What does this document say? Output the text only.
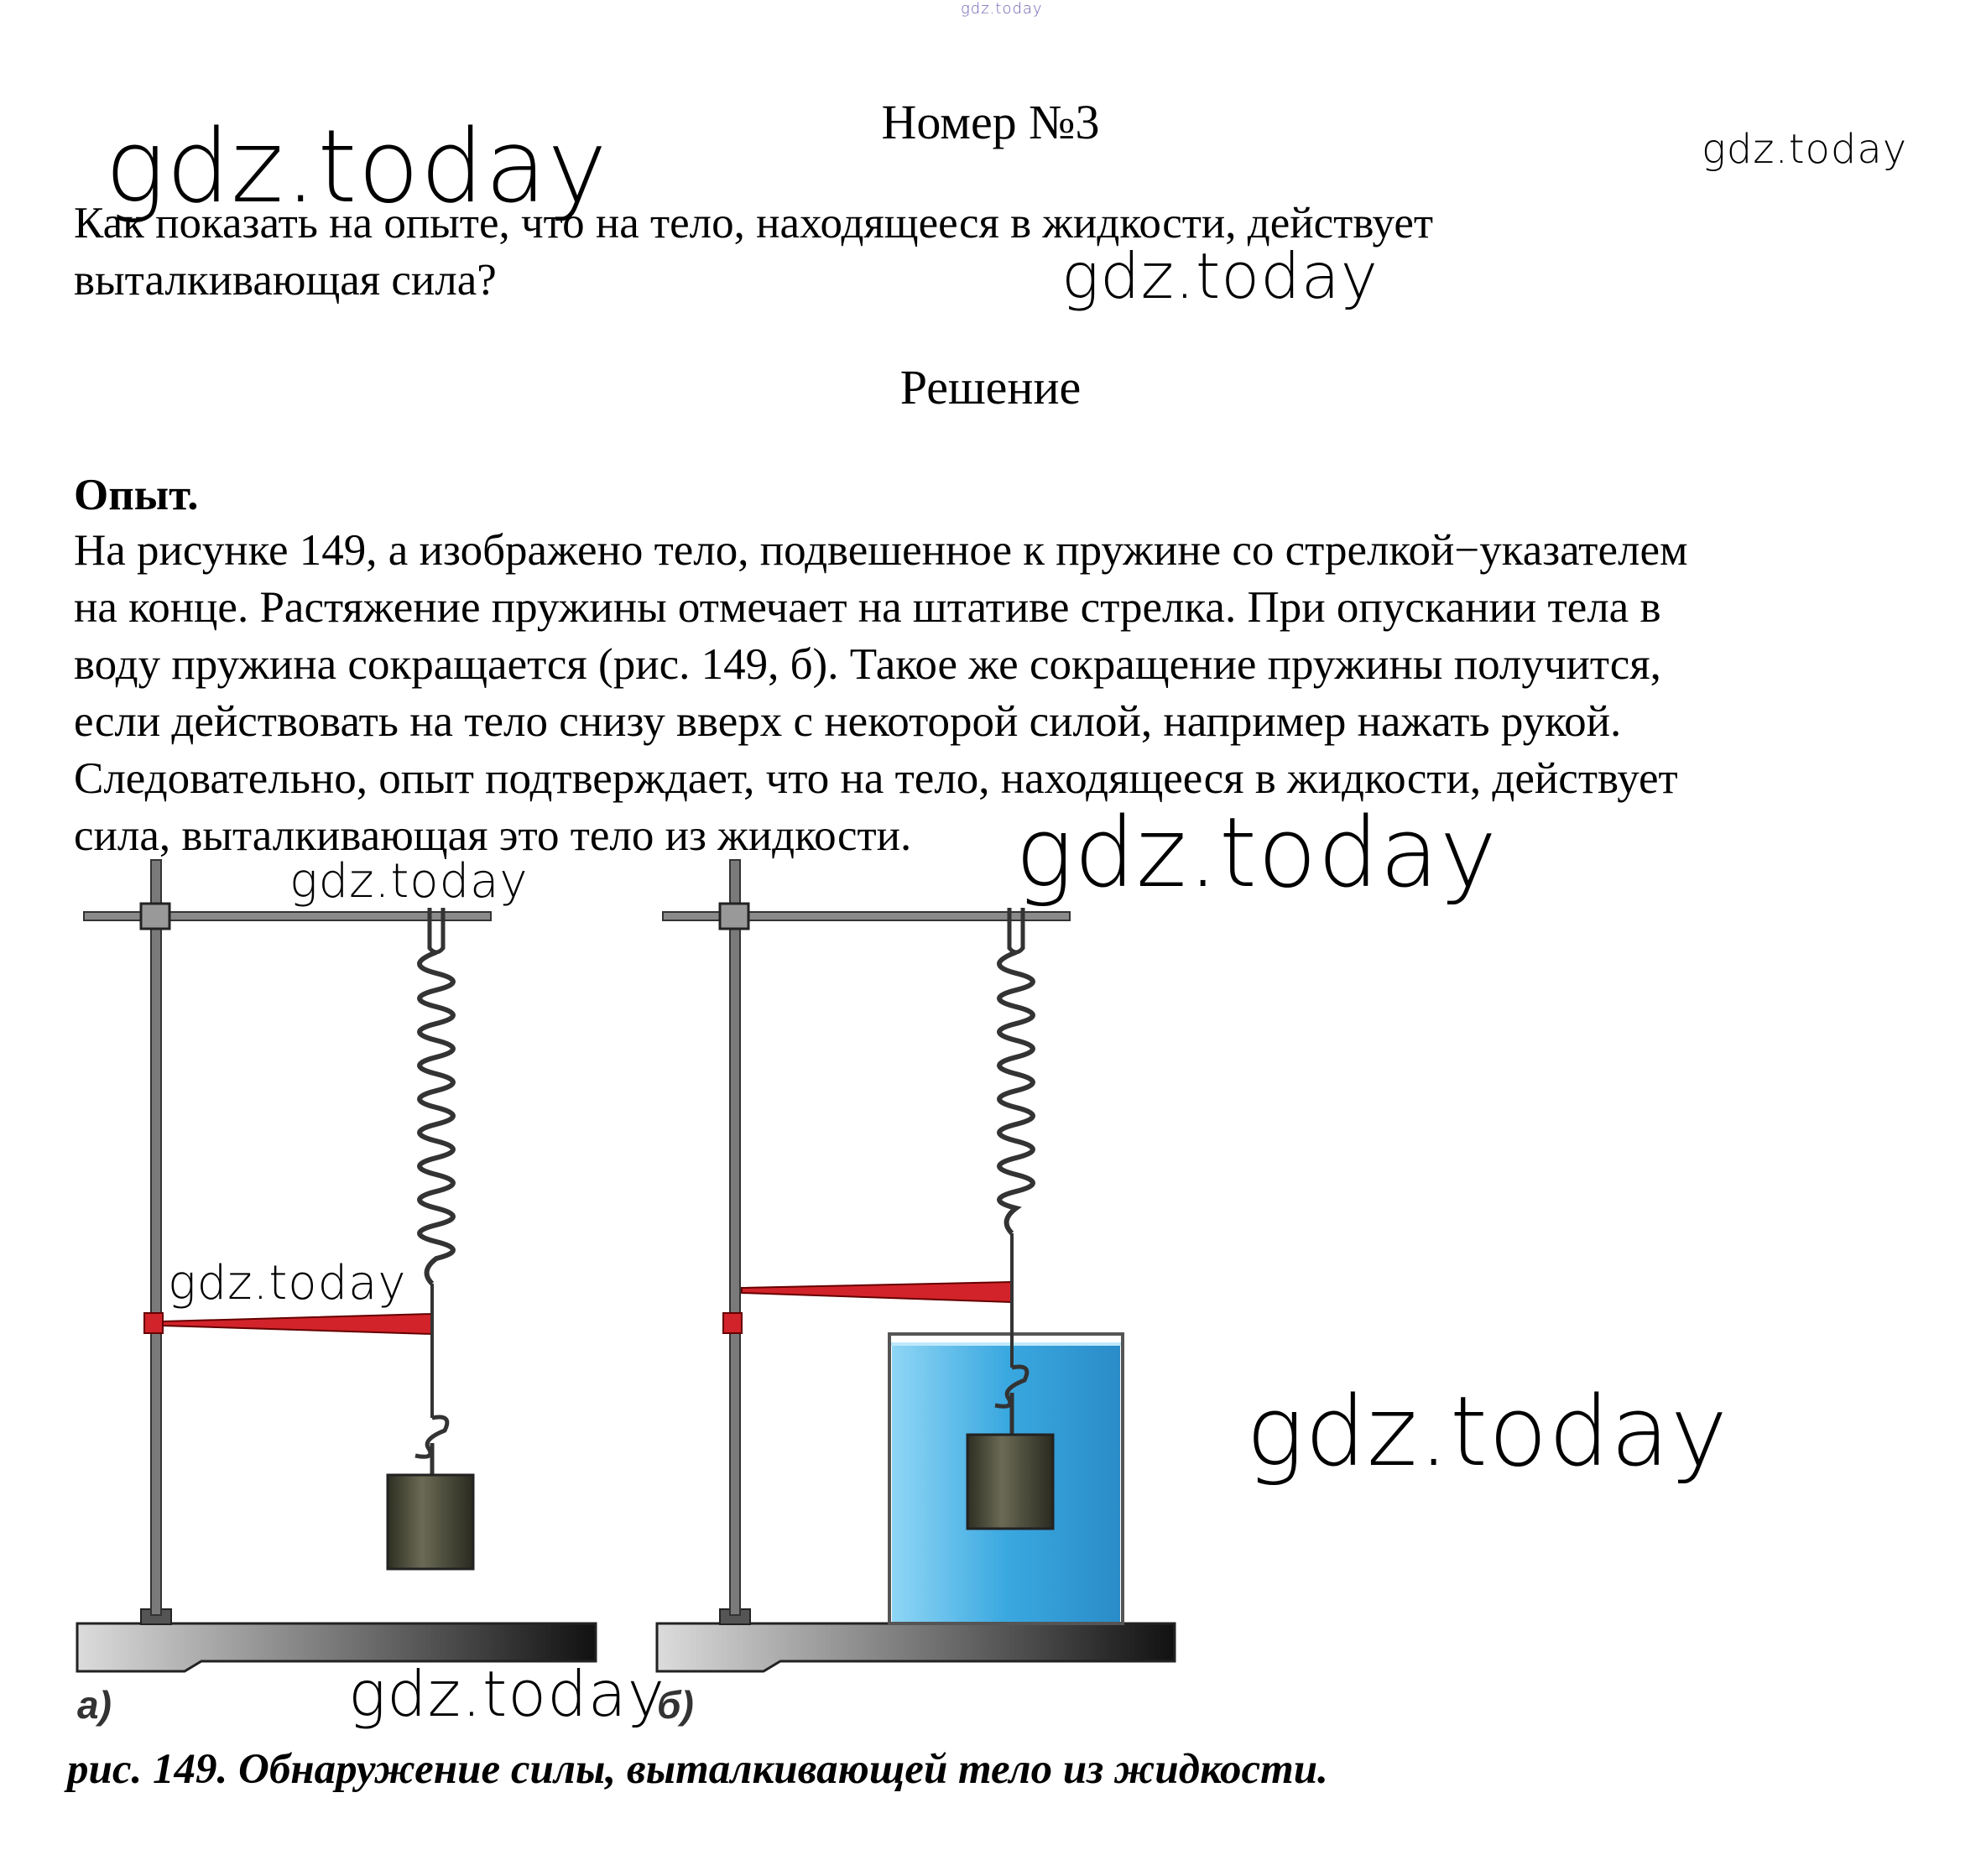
gdz.today
Номер №3
Как показать на опыте, что на тело, находящееся в жидкости, действует
выталкивающая сила?
Решение
Опыт.
На рисунке 149, а изображено тело, подвешенное к пружине со стрелкой−указателем
на конце. Растяжение пружины отмечает на штативе стрелка. При опускании тела в
воду пружина сокращается (рис. 149, б). Такое же сокращение пружины получится,
если действовать на тело снизу вверх с некоторой силой, например нажать рукой.
Следовательно, опыт подтверждает, что на тело, находящееся в жидкости, действует
сила, выталкивающая это тело из жидкости.
а)	б)
рис. 149. Обнаружение силы, выталкивающей тело из жидкости.
gdz.today	gdz.today
gdz.today
gdz.today
gdz.today
gdz.today
gdz.today
gdz.today
